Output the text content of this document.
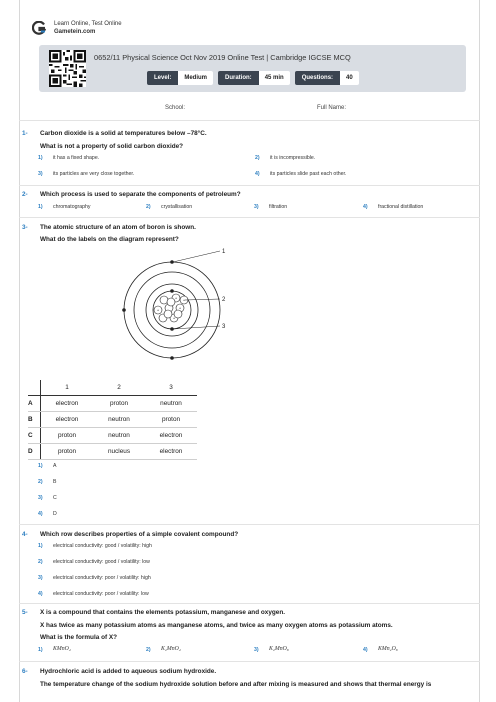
Learn Online, Test Online
Gametein.com
0652/11 Physical Science Oct Nov 2019 Online Test | Cambridge IGCSE MCQ
Level:	Medium	Duration:	45 min	Questions:	40
School:	Full Name:
1- Carbon dioxide is a solid at temperatures below –78°C.
What is not a property of solid carbon dioxide?
1) it has a fixed shape.	2) it is incompressible.
3) its particles are very close together.	4) its particles slide past each other.
2- Which process is used to separate the components of petroleum?
1) chromatography	2) crystallisation	3) filtration	4) fractional distillation
3- The atomic structure of an atom of boron is shown.
What do the labels on the diagram represent?
+
+
+
+
+
1
2
3
	1	2	3
A	electron	proton	neutron
B	electron	neutron	proton
C	proton	neutron	electron
D	proton	nucleus	electron
1) A
2) B
3) C
4) D
4- Which row describes properties of a simple covalent compound?
1) electrical conductivity: good / volatility: high
2) electrical conductivity: good / volatility: low
3) electrical conductivity: poor / volatility: high
4) electrical conductivity: poor / volatility: low
5- X is a compound that contains the elements potassium, manganese and oxygen.
X has twice as many potassium atoms as manganese atoms, and twice as many oxygen atoms as potassium atoms.
What is the formula of X?
1) KMnO₄	2) K₂MnO₄	3) K₂MnO₈	4) KMn₂O₈
6- Hydrochloric acid is added to aqueous sodium hydroxide.
The temperature change of the sodium hydroxide solution before and after mixing is measured and shows that thermal energy is
